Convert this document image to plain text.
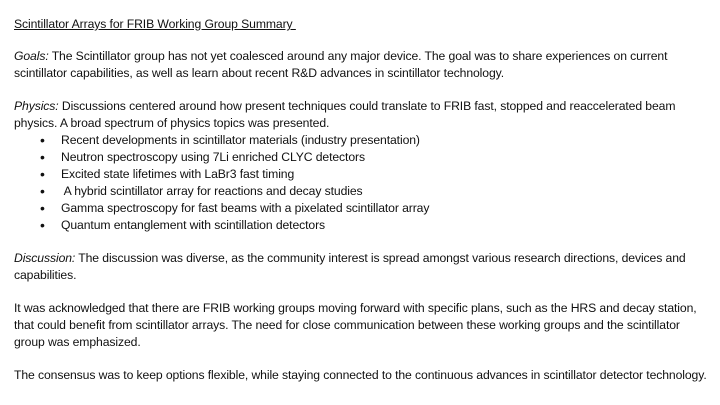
Scintillator Arrays for FRIB Working Group Summary

Goals: The Scintillator group has not yet coalesced around any major device. The goal was to share experiences on current scintillator capabilities, as well as learn about recent R&D advances in scintillator technology.

Physics: Discussions centered around how present techniques could translate to FRIB fast, stopped and reaccelerated beam physics. A broad spectrum of physics topics was presented.

• Recent developments in scintillator materials (industry presentation)
• Neutron spectroscopy using 7Li enriched CLYC detectors
• Excited state lifetimes with LaBr3 fast timing
• A hybrid scintillator array for reactions and decay studies
• Gamma spectroscopy for fast beams with a pixelated scintillator array
• Quantum entanglement with scintillation detectors

Discussion: The discussion was diverse, as the community interest is spread amongst various research directions, devices and capabilities.

It was acknowledged that there are FRIB working groups moving forward with specific plans, such as the HRS and decay station, that could benefit from scintillator arrays. The need for close communication between these working groups and the scintillator group was emphasized.

The consensus was to keep options flexible, while staying connected to the continuous advances in scintillator detector technology.
